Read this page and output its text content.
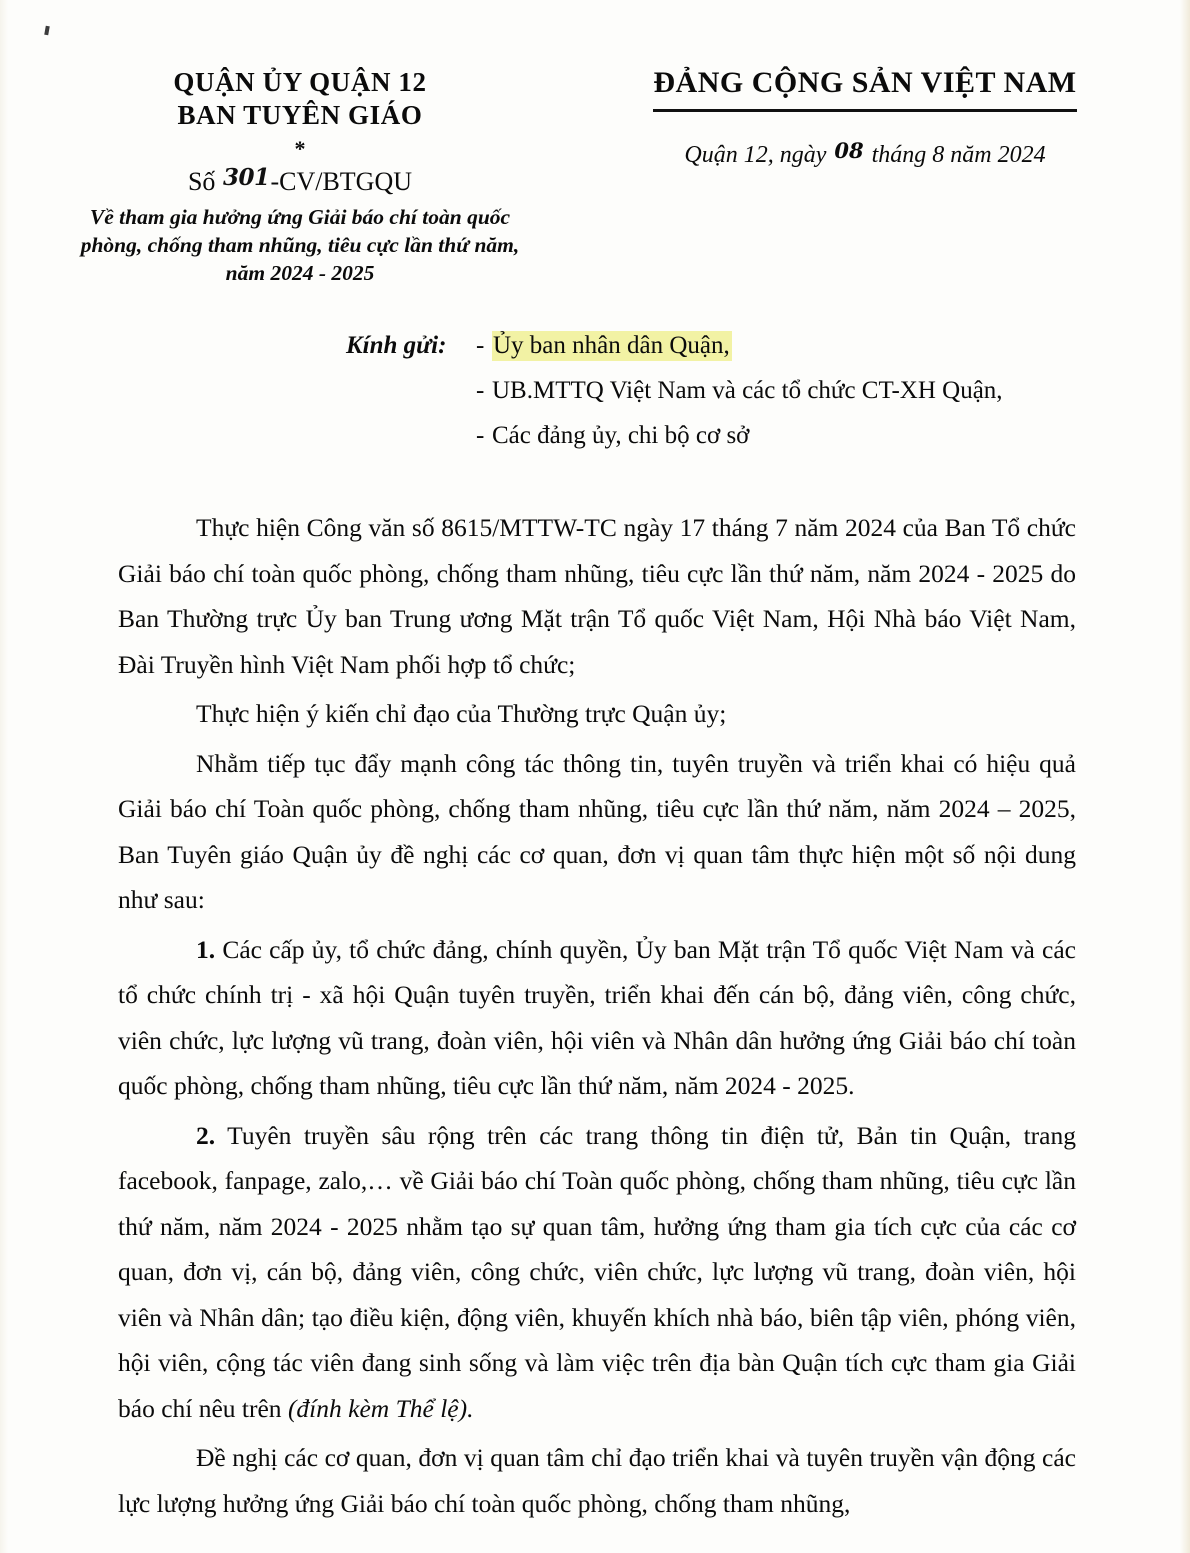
QUẬN ỦY QUẬN 12
BAN TUYÊN GIÁO
*
Số 301-CV/BTGQU
Về tham gia hưởng ứng Giải báo chí toàn quốc
phòng, chống tham nhũng, tiêu cực lần thứ năm,
năm 2024 - 2025
ĐẢNG CỘNG SẢN VIỆT NAM
Quận 12, ngày 08 tháng 8 năm 2024
Kính gửi:	- Ủy ban nhân dân Quận,
- UB.MTTQ Việt Nam và các tổ chức CT-XH Quận,
- Các đảng ủy, chi bộ cơ sở

Thực hiện Công văn số 8615/MTTW-TC ngày 17 tháng 7 năm 2024 của Ban Tổ chức Giải báo chí toàn quốc phòng, chống tham nhũng, tiêu cực lần thứ năm, năm 2024 - 2025 do Ban Thường trực Ủy ban Trung ương Mặt trận Tổ quốc Việt Nam, Hội Nhà báo Việt Nam, Đài Truyền hình Việt Nam phối hợp tổ chức;

Thực hiện ý kiến chỉ đạo của Thường trực Quận ủy;

Nhằm tiếp tục đẩy mạnh công tác thông tin, tuyên truyền và triển khai có hiệu quả Giải báo chí Toàn quốc phòng, chống tham nhũng, tiêu cực lần thứ năm, năm 2024 – 2025, Ban Tuyên giáo Quận ủy đề nghị các cơ quan, đơn vị quan tâm thực hiện một số nội dung như sau:

1. Các cấp ủy, tổ chức đảng, chính quyền, Ủy ban Mặt trận Tổ quốc Việt Nam và các tổ chức chính trị - xã hội Quận tuyên truyền, triển khai đến cán bộ, đảng viên, công chức, viên chức, lực lượng vũ trang, đoàn viên, hội viên và Nhân dân hưởng ứng Giải báo chí toàn quốc phòng, chống tham nhũng, tiêu cực lần thứ năm, năm 2024 - 2025.

2. Tuyên truyền sâu rộng trên các trang thông tin điện tử, Bản tin Quận, trang facebook, fanpage, zalo,… về Giải báo chí Toàn quốc phòng, chống tham nhũng, tiêu cực lần thứ năm, năm 2024 - 2025 nhằm tạo sự quan tâm, hưởng ứng tham gia tích cực của các cơ quan, đơn vị, cán bộ, đảng viên, công chức, viên chức, lực lượng vũ trang, đoàn viên, hội viên và Nhân dân; tạo điều kiện, động viên, khuyến khích nhà báo, biên tập viên, phóng viên, hội viên, cộng tác viên đang sinh sống và làm việc trên địa bàn Quận tích cực tham gia Giải báo chí nêu trên (đính kèm Thể lệ).

Đề nghị các cơ quan, đơn vị quan tâm chỉ đạo triển khai và tuyên truyền vận động các lực lượng hưởng ứng Giải báo chí toàn quốc phòng, chống tham nhũng,
